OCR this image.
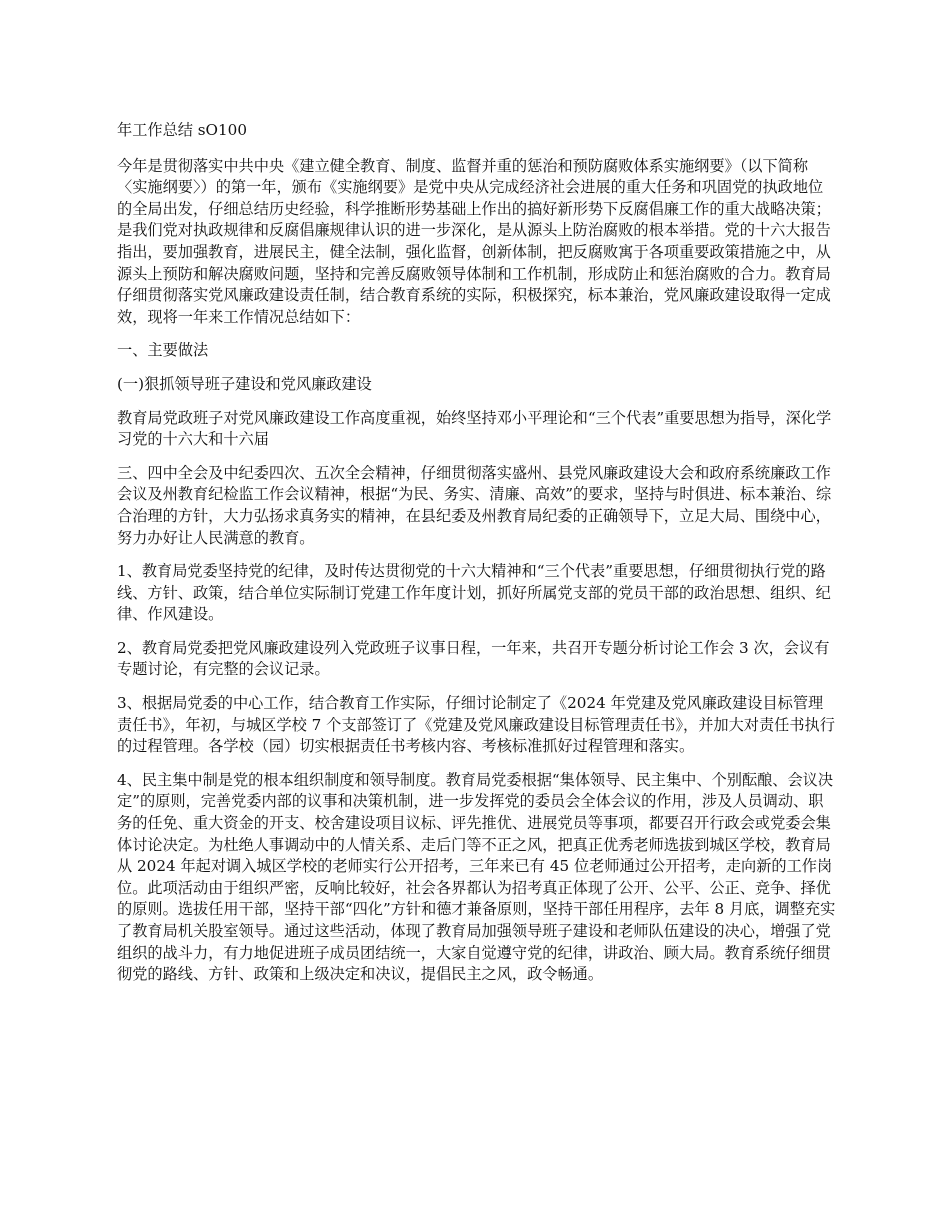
年工作总结 sO100

今年是贯彻落实中共中央《建立健全教育、制度、监督并重的惩治和预防腐败体系实施纲要》（以下简称〈实施纲要〉）的第一年，颁布《实施纲要》是党中央从完成经济社会进展的重大任务和巩固党的执政地位的全局出发，仔细总结历史经验，科学推断形势基础上作出的搞好新形势下反腐倡廉工作的重大战略决策；是我们党对执政规律和反腐倡廉规律认识的进一步深化，是从源头上防治腐败的根本举措。党的十六大报告指出，要加强教育，进展民主，健全法制，强化监督，创新体制，把反腐败寓于各项重要政策措施之中，从源头上预防和解决腐败问题，坚持和完善反腐败领导体制和工作机制，形成防止和惩治腐败的合力。教育局仔细贯彻落实党风廉政建设责任制，结合教育系统的实际，积极探究，标本兼治，党风廉政建设取得一定成效，现将一年来工作情况总结如下：

一、主要做法

(一)狠抓领导班子建设和党风廉政建设

教育局党政班子对党风廉政建设工作高度重视，始终坚持邓小平理论和“三个代表”重要思想为指导，深化学习党的十六大和十六届

三、四中全会及中纪委四次、五次全会精神，仔细贯彻落实盛州、县党风廉政建设大会和政府系统廉政工作会议及州教育纪检监工作会议精神，根据“为民、务实、清廉、高效”的要求，坚持与时俱进、标本兼治、综合治理的方针，大力弘扬求真务实的精神，在县纪委及州教育局纪委的正确领导下，立足大局、围绕中心，努力办好让人民满意的教育。

1、教育局党委坚持党的纪律，及时传达贯彻党的十六大精神和“三个代表”重要思想，仔细贯彻执行党的路线、方针、政策，结合单位实际制订党建工作年度计划，抓好所属党支部的党员干部的政治思想、组织、纪律、作风建设。

2、教育局党委把党风廉政建设列入党政班子议事日程，一年来，共召开专题分析讨论工作会 3 次，会议有专题讨论，有完整的会议记录。

3、根据局党委的中心工作，结合教育工作实际，仔细讨论制定了《2024 年党建及党风廉政建设目标管理责任书》，年初，与城区学校 7 个支部签订了《党建及党风廉政建设目标管理责任书》，并加大对责任书执行的过程管理。各学校（园）切实根据责任书考核内容、考核标准抓好过程管理和落实。

4、民主集中制是党的根本组织制度和领导制度。教育局党委根据“集体领导、民主集中、个别酝酿、会议决定”的原则，完善党委内部的议事和决策机制，进一步发挥党的委员会全体会议的作用，涉及人员调动、职务的任免、重大资金的开支、校舍建设项目议标、评先推优、进展党员等事项，都要召开行政会或党委会集体讨论决定。为杜绝人事调动中的人情关系、走后门等不正之风，把真正优秀老师选拔到城区学校，教育局从 2024 年起对调入城区学校的老师实行公开招考，三年来已有 45 位老师通过公开招考，走向新的工作岗位。此项活动由于组织严密，反响比较好，社会各界都认为招考真正体现了公开、公平、公正、竞争、择优的原则。选拔任用干部，坚持干部“四化”方针和德才兼备原则，坚持干部任用程序，去年 8 月底，调整充实了教育局机关股室领导。通过这些活动，体现了教育局加强领导班子建设和老师队伍建设的决心，增强了党组织的战斗力，有力地促进班子成员团结统一，大家自觉遵守党的纪律，讲政治、顾大局。教育系统仔细贯彻党的路线、方针、政策和上级决定和决议，提倡民主之风，政令畅通。
